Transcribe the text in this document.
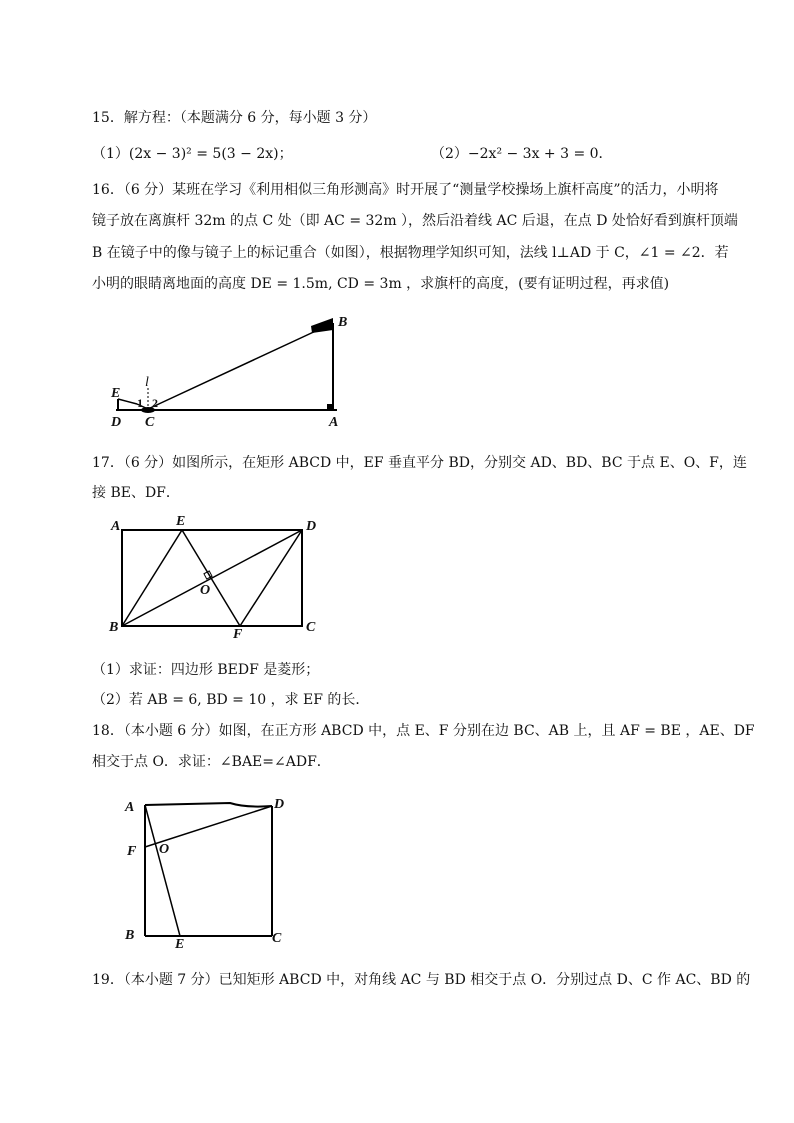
15．解方程：（本题满分 6 分，每小题 3 分）
（1）(2x − 3)² = 5(3 − 2x)；	（2）−2x² − 3x + 3 = 0．
16．（6 分）某班在学习《利用相似三角形测高》时开展了“测量学校操场上旗杆高度”的活力，小明将
镜子放在离旗杆 32m 的点 C 处（即 AC = 32m ），然后沿着线 AC 后退，在点 D 处恰好看到旗杆顶端
B 在镜子中的像与镜子上的标记重合（如图），根据物理学知织可知，法线 l⊥AD 于 C，∠1 = ∠2．若
小明的眼睛离地面的高度 DE = 1.5m, CD = 3m ，求旗杆的高度，(要有证明过程，再求值)
B
E
l
1 2
D C	A
17．（6 分）如图所示，在矩形 ABCD 中，EF 垂直平分 BD，分别交 AD、BD、BC 于点 E、O、F，连
接 BE、DF．
A	E	D
O
B	F	C
（1）求证：四边形 BEDF 是菱形；
（2）若 AB = 6, BD = 10 ，求 EF 的长．
18．（本小题 6 分）如图，在正方形 ABCD 中，点 E、F 分别在边 BC、AB 上，且 AF = BE ，AE、DF
相交于点 O．求证：∠BAE=∠ADF．
A	D
F O
B
E	C
19．（本小题 7 分）已知矩形 ABCD 中，对角线 AC 与 BD 相交于点 O．分别过点 D、C 作 AC、BD 的
